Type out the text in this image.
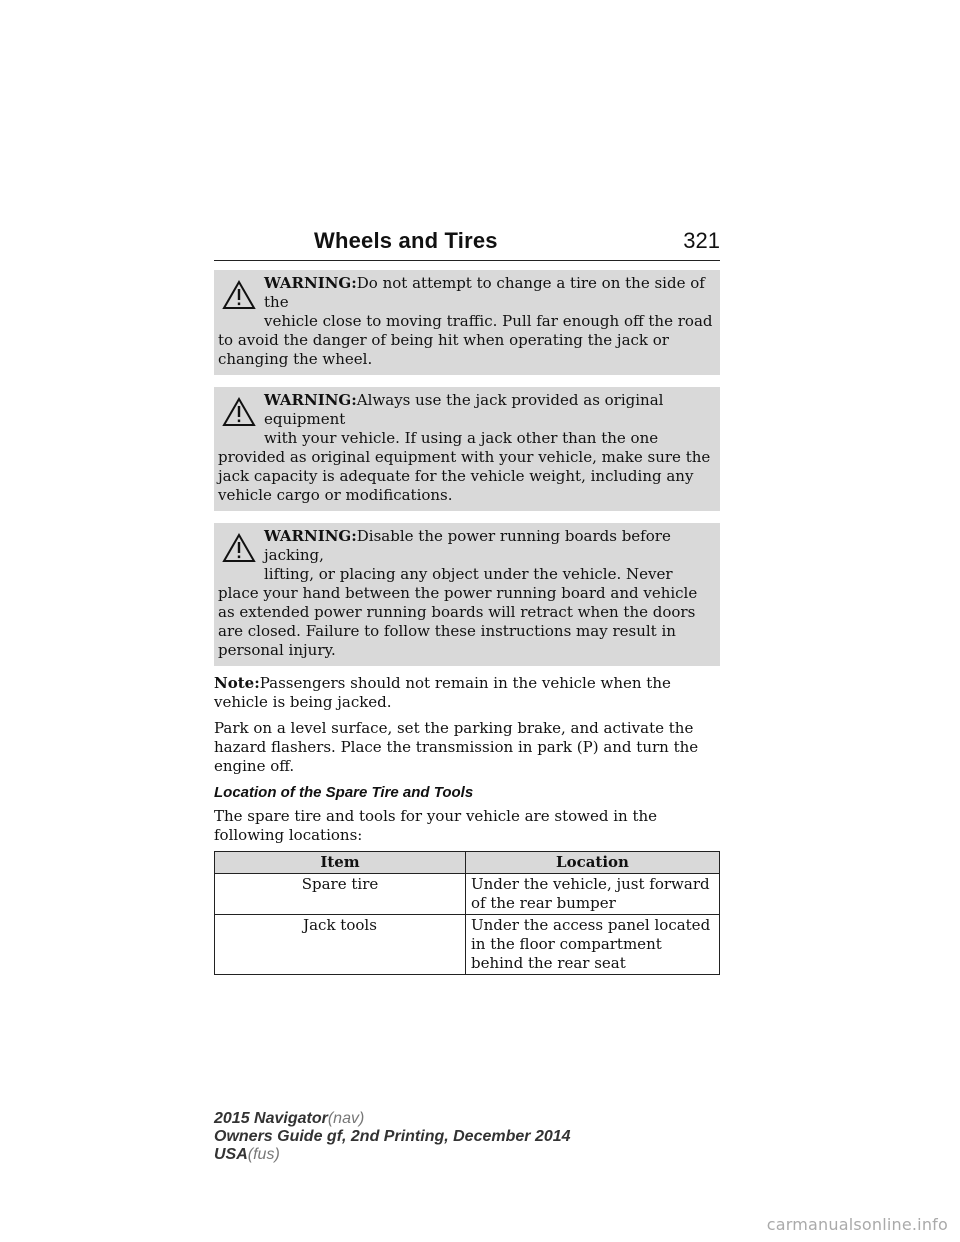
Wheels and Tires	321
WARNING:Do not attempt to change a tire on the side of the
vehicle close to moving traffic. Pull far enough off the road to avoid the danger of being hit when operating the jack or changing the wheel.
WARNING:Always use the jack provided as original equipment
with your vehicle. If using a jack other than the one provided as original equipment with your vehicle, make sure the jack capacity is adequate for the vehicle weight, including any vehicle cargo or modifications.
WARNING:Disable the power running boards before jacking,
lifting, or placing any object under the vehicle. Never place your hand between the power running board and vehicle as extended power running boards will retract when the doors are closed. Failure to follow these instructions may result in personal injury.

Note:Passengers should not remain in the vehicle when the vehicle is being jacked.

Park on a level surface, set the parking brake, and activate the hazard flashers. Place the transmission in park (P) and turn the engine off.

Location of the Spare Tire and Tools

The spare tire and tools for your vehicle are stowed in the following locations:

Item	Location
Spare tire	Under the vehicle, just forward of the rear bumper
Jack tools	Under the access panel located in the floor compartment behind the rear seat
2015 Navigator(nav)
Owners Guide gf, 2nd Printing, December 2014
USA(fus)
carmanualsonline.info
